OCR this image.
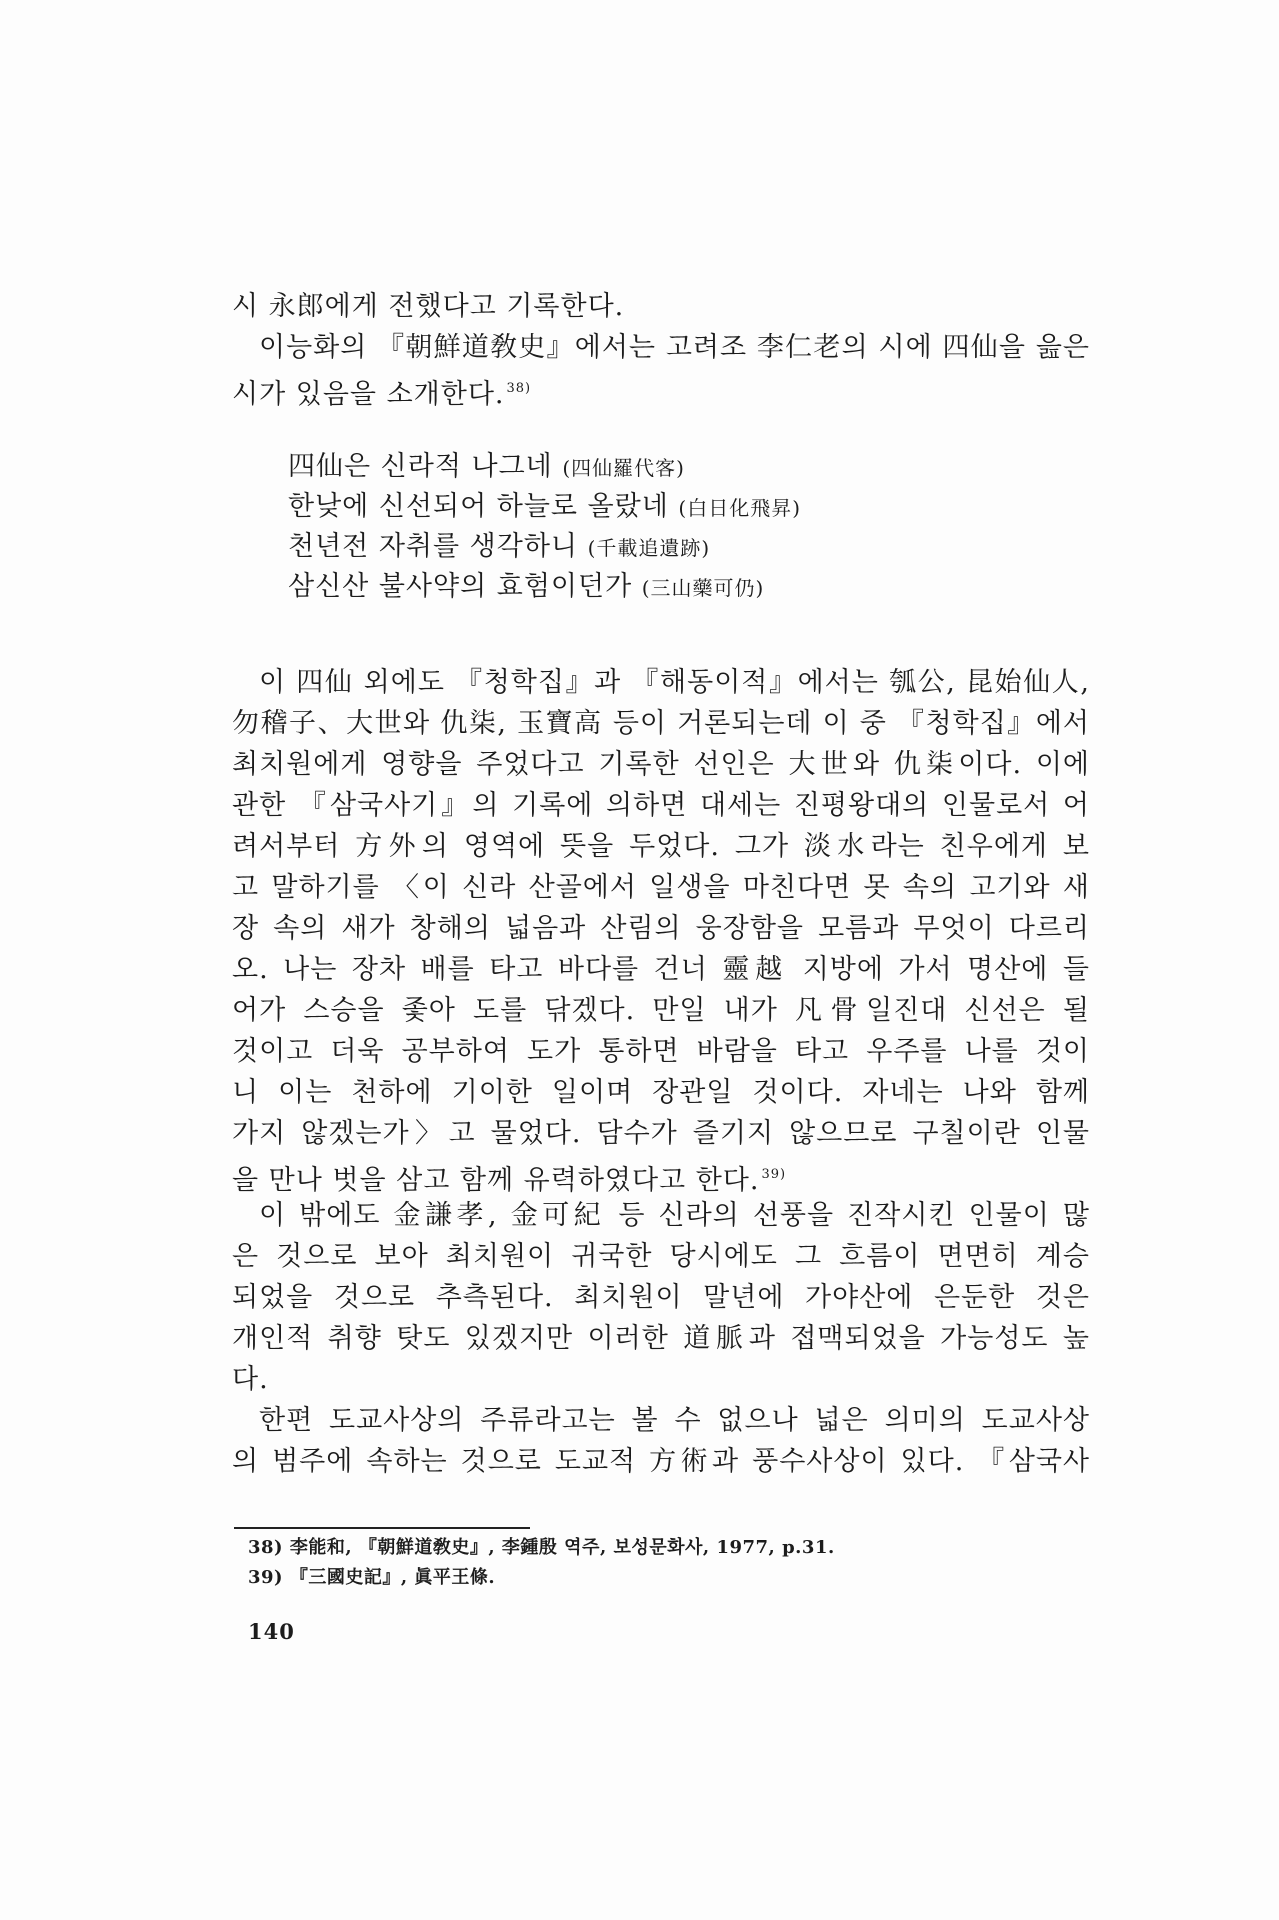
시 永郎에게 전했다고 기록한다.
이능화의 『朝鮮道敎史』에서는 고려조 李仁老의 시에 四仙을 읊은
시가 있음을 소개한다. $^{38)}$
四仙은 신라적 나그네 (四仙羅代客)
한낮에 신선되어 하늘로 올랐네 (白日化飛昇)
천년전 자취를 생각하니 (千載追遺跡)
삼신산 불사약의 효험이던가 (三山藥可仍)
이 四仙 외에도 『청학집』과 『해동이적』에서는 瓠公, 昆始仙人,
勿稽子、大世와 仇柒, 玉寶高 등이 거론되는데 이 중 『청학집』에서
최치원에게 영향을 주었다고 기록한 선인은 大世와 仇柒이다. 이에
관한 『삼국사기』의 기록에 의하면 대세는 진평왕대의 인물로서 어
려서부터 方外의 영역에 뜻을 두었다. 그가 淡水라는 친우에게 보
고 말하기를 〈이 신라 산골에서 일생을 마친다면 못 속의 고기와 새
장 속의 새가 창해의 넓음과 산림의 웅장함을 모름과 무엇이 다르리
오. 나는 장차 배를 타고 바다를 건너 靈越 지방에 가서 명산에 들
어가 스승을 좇아 도를 닦겠다. 만일 내가 凡骨일진대 신선은 될
것이고 더욱 공부하여 도가 통하면 바람을 타고 우주를 나를 것이
니 이는 천하에 기이한 일이며 장관일 것이다. 자네는 나와 함께
가지 않겠는가〉고 물었다. 담수가 즐기지 않으므로 구칠이란 인물
을 만나 벗을 삼고 함께 유력하였다고 한다. $^{39)}$
이 밖에도 金謙孝, 金可紀 등 신라의 선풍을 진작시킨 인물이 많
은 것으로 보아 최치원이 귀국한 당시에도 그 흐름이 면면히 계승
되었을 것으로 추측된다. 최치원이 말년에 가야산에 은둔한 것은
개인적 취향 탓도 있겠지만 이러한 道脈과 접맥되었을 가능성도 높
다.
한편 도교사상의 주류라고는 볼 수 없으나 넓은 의미의 도교사상
의 범주에 속하는 것으로 도교적 方術과 풍수사상이 있다. 『삼국사
38) 李能和, 『朝鮮道敎史』, 李鍾殷 역주, 보성문화사, 1977, p.31.
39) 『三國史記』, 眞平王條.
140
